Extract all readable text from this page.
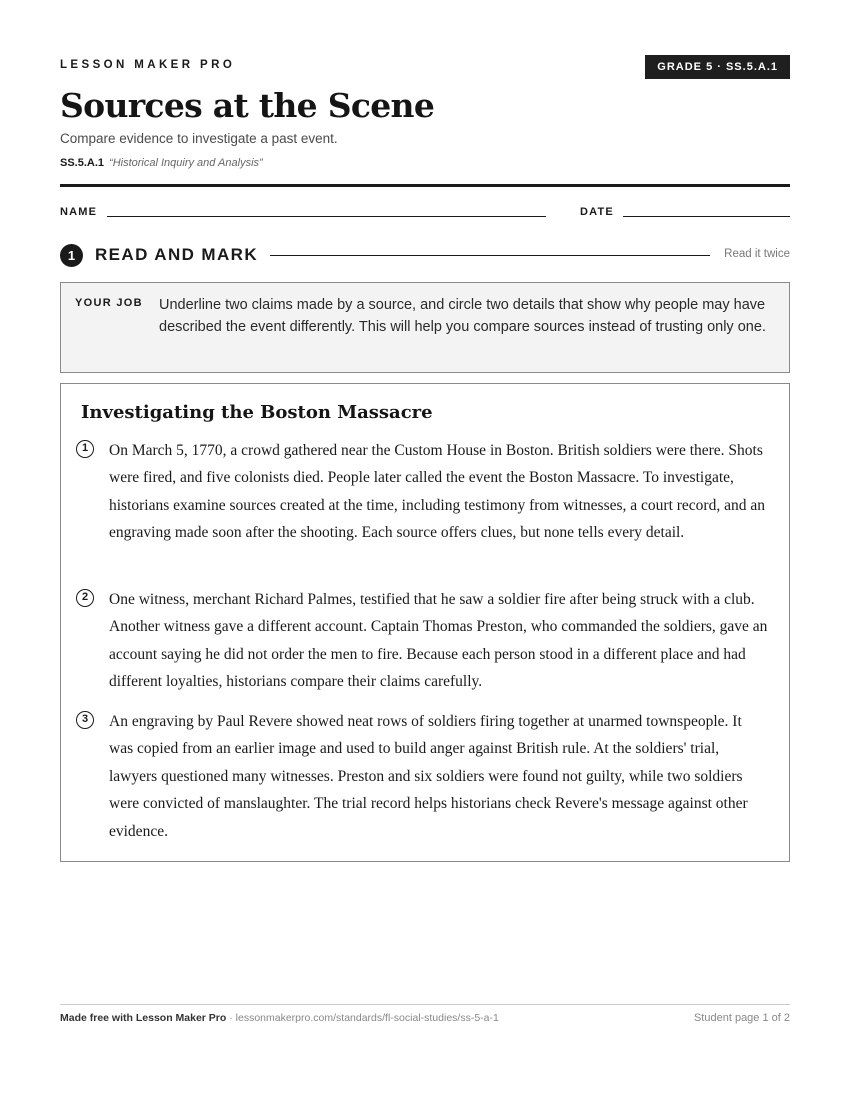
LESSON MAKER PRO	GRADE 5 · SS.5.A.1
Sources at the Scene
Compare evidence to investigate a past event.
SS.5.A.1 “Historical Inquiry and Analysis”
NAME	DATE
1	READ AND MARK	Read it twice
YOUR JOB Underline two claims made by a source, and circle two details that show why people may have described the event differently. This will help you compare sources instead of trusting only one.
Investigating the Boston Massacre
1	On March 5, 1770, a crowd gathered near the Custom House in Boston. British soldiers were there. Shots were fired, and five colonists died. People later called the event the Boston Massacre. To investigate, historians examine sources created at the time, including testimony from witnesses, a court record, and an engraving made soon after the shooting. Each source offers clues, but none tells every detail.
2	One witness, merchant Richard Palmes, testified that he saw a soldier fire after being struck with a club. Another witness gave a different account. Captain Thomas Preston, who commanded the soldiers, gave an account saying he did not order the men to fire. Because each person stood in a different place and had different loyalties, historians compare their claims carefully.
3	An engraving by Paul Revere showed neat rows of soldiers firing together at unarmed townspeople. It was copied from an earlier image and used to build anger against British rule. At the soldiers' trial, lawyers questioned many witnesses. Preston and six soldiers were found not guilty, while two soldiers were convicted of manslaughter. The trial record helps historians check Revere's message against other evidence.
Made free with Lesson Maker Pro · lessonmakerpro.com/standards/fl-social-studies/ss-5-a-1	Student page 1 of 2
